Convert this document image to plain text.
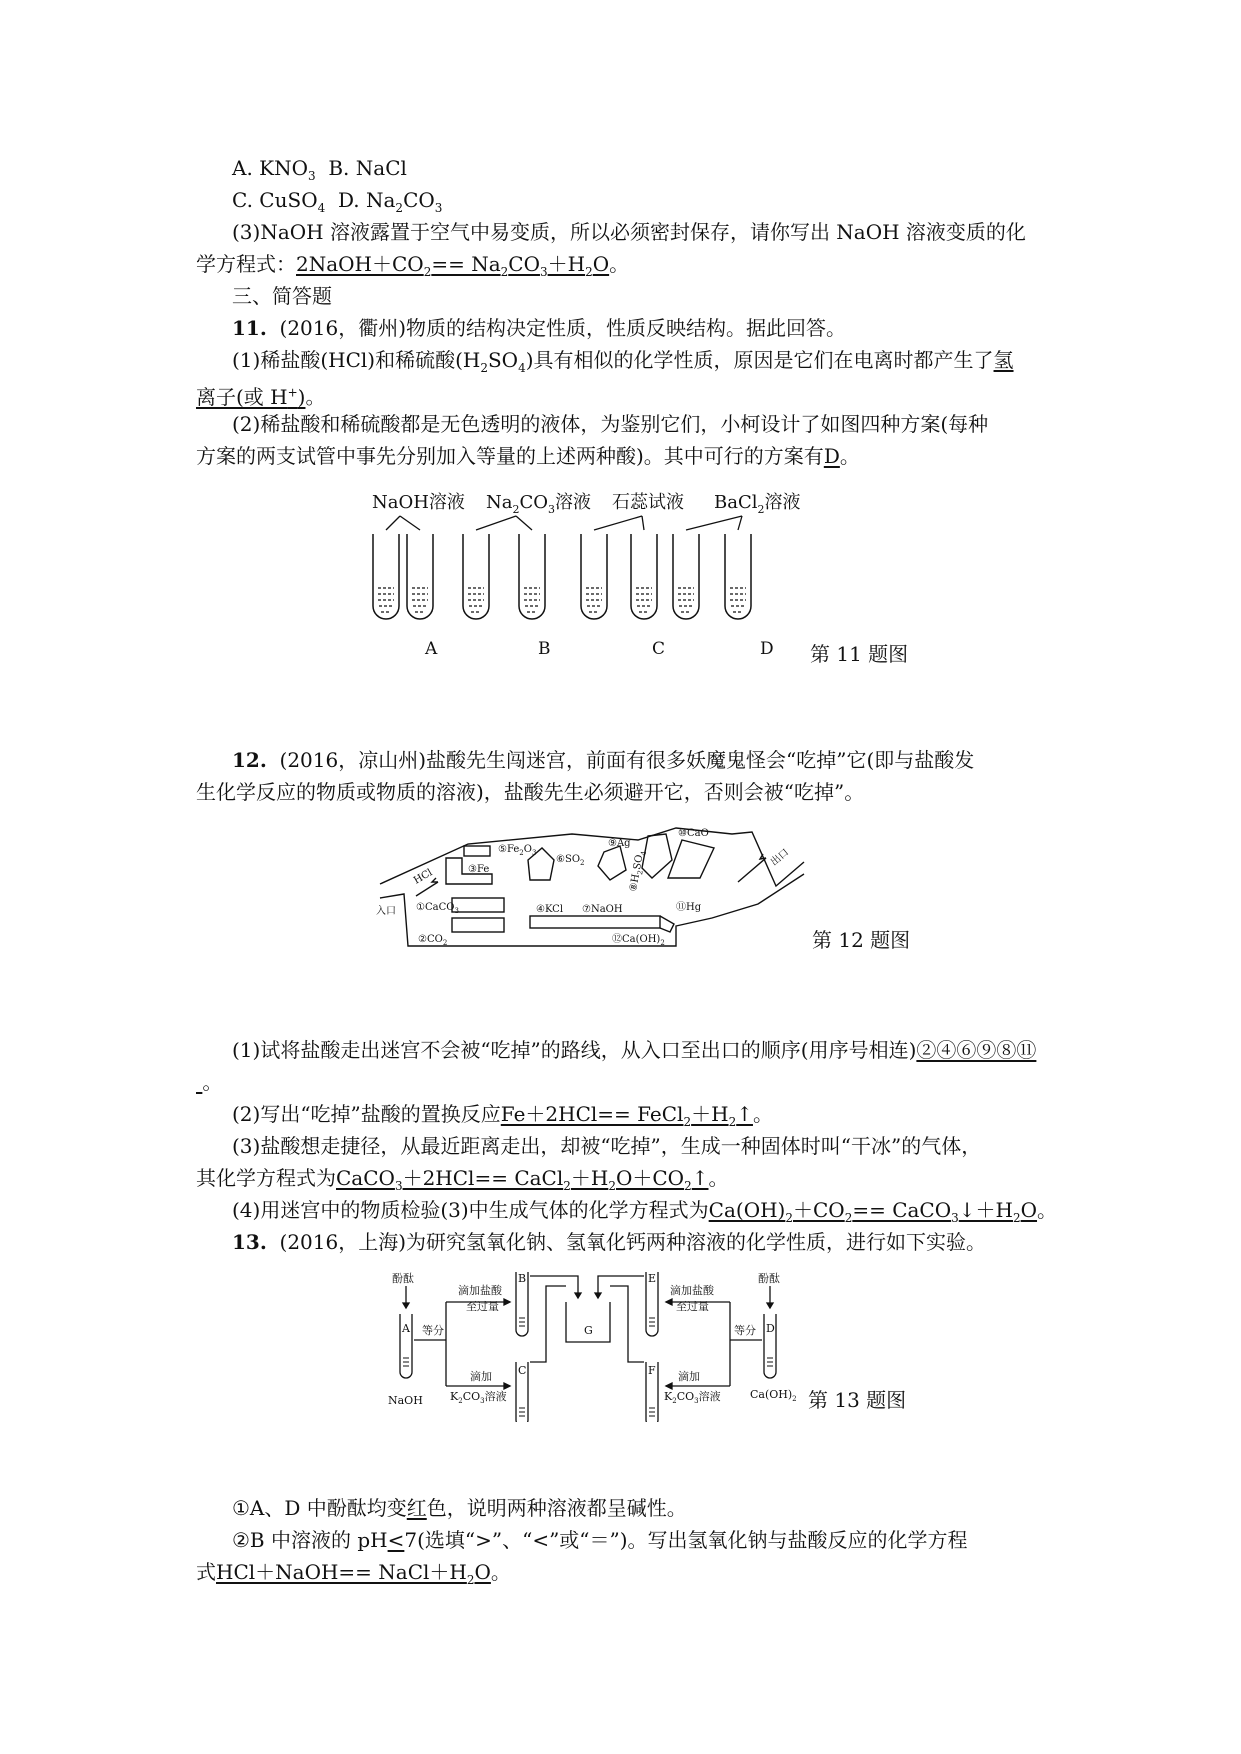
A. $KNO_3$ B. NaCl
C. CuSO$_4$ D. $Na_2CO_3$
(3)NaOH 溶液露置于空气中易变质，所以必须密封保存，请你写出 NaOH 溶液变质的化
学方程式：$2NaOH+CO_2== Na_2CO_3+H_2O$。
三、简答题
11. (2016，衢州)物质的结构决定性质，性质反映结构。据此回答。
(1)稀盐酸(HCl)和稀硫酸$(H_2SO_4)$具有相似的化学性质，原因是它们在电离时都产生了氢
离子(或 H+)。
(2)稀盐酸和稀硫酸都是无色透明的液体，为鉴别它们，小柯设计了如图四种方案(每种
方案的两支试管中事先分别加入等量的上述两种酸)。其中可行的方案有D。
NaOH溶液 $Na_2CO_3$溶液 石蕊试液 BaCl$_2$溶液
A	B	C	D 第 11 题图
12. (2016，凉山州)盐酸先生闯迷宫，前面有很多妖魔鬼怪会“吃掉”它(即与盐酸发
生化学反应的物质或物质的溶液)，盐酸先生必须避开它，否则会被“吃掉”。
入口
出口
HCl	③Fe
$⑤Fe_2O_3$
$⑥SO_2$
⑨Ag
⑩CaO
$⑧H_2SO_4$
①CaCO$_3$	④KCl ⑦NaOH	⑪Hg
$②CO_2$	$⑫Ca(OH)_2$	第 12 题图
(1)试将盐酸走出迷宫不会被“吃掉”的路线，从入口至出口的顺序(用序号相连)②④⑥⑨⑧⑪
。
(2)写出“吃掉”盐酸的置换反应$Fe+2HCl== FeCl_2+H_2↑$。
(3)盐酸想走捷径，从最近距离走出，却被“吃掉”，生成一种固体时叫“干冰”的气体，
其化学方程式为CaCO$_3$＋2HCl== $CaCl_2+H_2O+CO_2↑$。
(4)用迷宫中的物质检验(3)中生成气体的化学方程式为$Ca(OH)_2+CO_2==$ $CaCO_3↓+H_2O$。
13. (2016，上海)为研究氢氧化钠、氢氧化钙两种溶液的化学性质，进行如下实验。
酚酞	酚酞
A
B
C
D
E
F
G
滴加盐酸
至过量
滴加盐酸
至过量
等分	等分
滴加	滴加
$K_2CO_3$溶液	$K_2CO_3$溶液
NaOH	$Ca(OH)_2$ 第 13 题图
①A、D 中酚酞均变红色，说明两种溶液都呈碱性。
②B 中溶液的 pH<7(选填“>”、“<”或“＝”)。写出氢氧化钠与盐酸反应的化学方程
式HCl＋NaOH== $NaCl+H_2O$。
